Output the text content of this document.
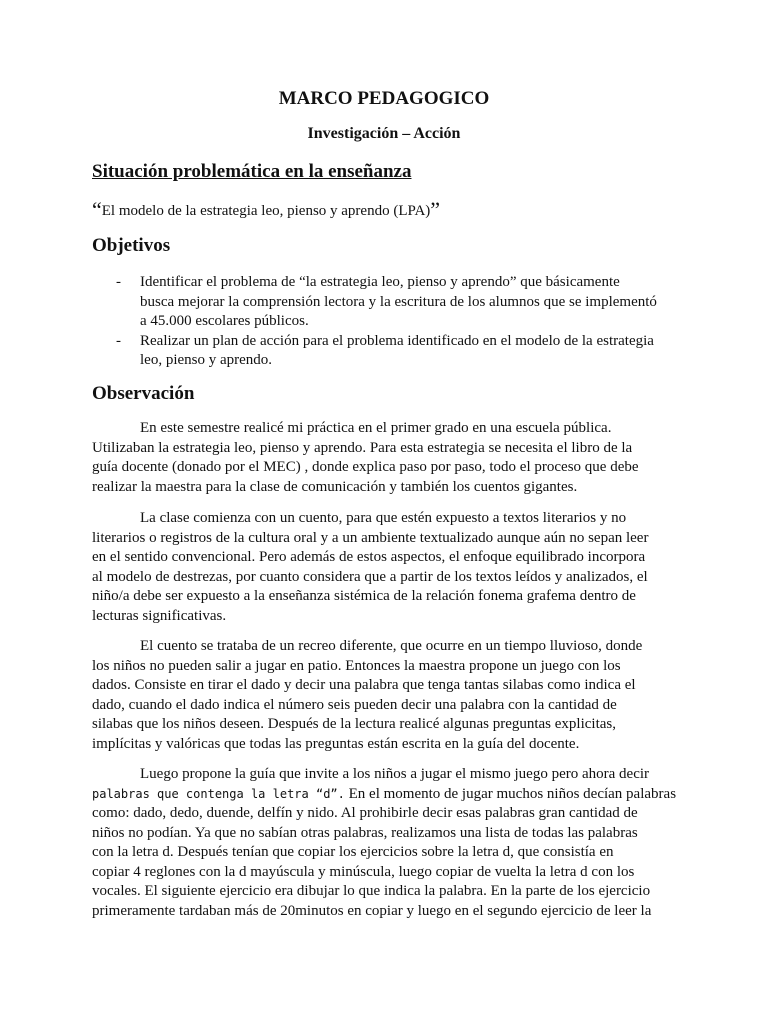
MARCO PEDAGOGICO
Investigación – Acción
Situación problemática en la enseñanza
“El modelo de la estrategia leo, pienso y aprendo (LPA)”
Objetivos
- Identificar el problema de “la estrategia leo, pienso y aprendo” que básicamente
busca mejorar la comprensión lectora y la escritura de los alumnos que se implementó
a 45.000 escolares públicos.
- Realizar un plan de acción para el problema identificado en el modelo de la estrategia
leo, pienso y aprendo.
Observación
En este semestre realicé mi práctica en el primer grado en una escuela pública.
Utilizaban la estrategia leo, pienso y aprendo. Para esta estrategia se necesita el libro de la
guía docente (donado por el MEC) , donde explica paso por paso, todo el proceso que debe
realizar la maestra para la clase de comunicación y también los cuentos gigantes.
La clase comienza con un cuento, para que estén expuesto a textos literarios y no
literarios o registros de la cultura oral y a un ambiente textualizado aunque aún no sepan leer
en el sentido convencional. Pero además de estos aspectos, el enfoque equilibrado incorpora
al modelo de destrezas, por cuanto considera que a partir de los textos leídos y analizados, el
niño/a debe ser expuesto a la enseñanza sistémica de la relación fonema grafema dentro de
lecturas significativas.
El cuento se trataba de un recreo diferente, que ocurre en un tiempo lluvioso, donde
los niños no pueden salir a jugar en patio. Entonces la maestra propone un juego con los
dados. Consiste en tirar el dado y decir una palabra que tenga tantas silabas como indica el
dado, cuando el dado indica el número seis pueden decir una palabra con la cantidad de
silabas que los niños deseen. Después de la lectura realicé algunas preguntas explicitas,
implícitas y valóricas que todas las preguntas están escrita en la guía del docente.
Luego propone la guía que invite a los niños a jugar el mismo juego pero ahora decir
palabras que contenga la letra “d”. En el momento de jugar muchos niños decían palabras
como: dado, dedo, duende, delfín y nido. Al prohibirle decir esas palabras gran cantidad de
niños no podían. Ya que no sabían otras palabras, realizamos una lista de todas las palabras
con la letra d. Después tenían que copiar los ejercicios sobre la letra d, que consistía en
copiar 4 reglones con la d mayúscula y minúscula, luego copiar de vuelta la letra d con los
vocales. El siguiente ejercicio era dibujar lo que indica la palabra. En la parte de los ejercicio
primeramente tardaban más de 20minutos en copiar y luego en el segundo ejercicio de leer la
